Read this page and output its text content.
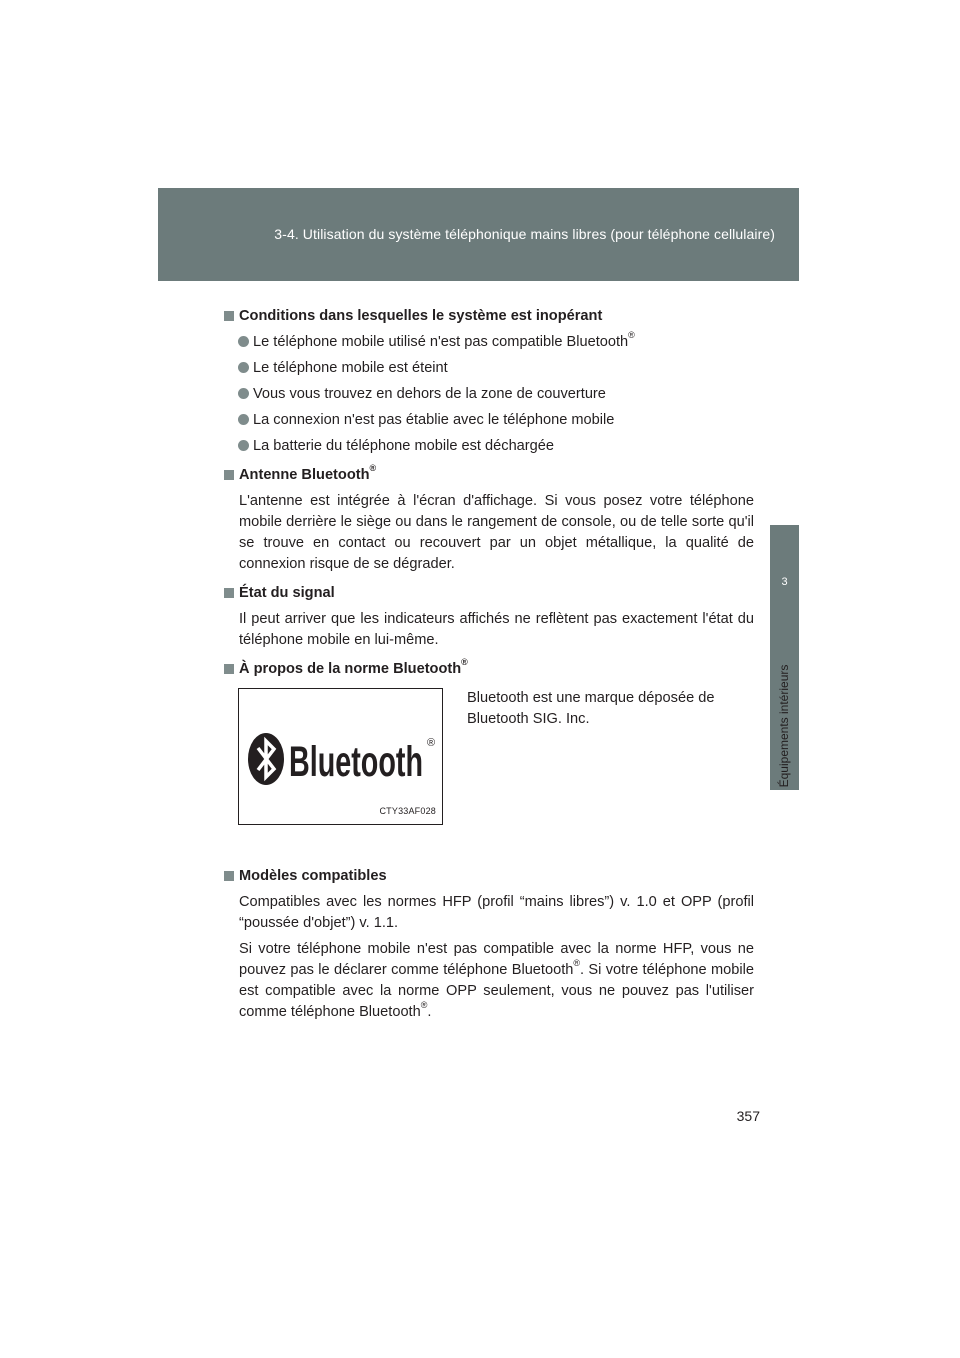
3-4. Utilisation du système téléphonique mains libres (pour téléphone cellulaire)
3
Équipements intérieurs
Conditions dans lesquelles le système est inopérant
Le téléphone mobile utilisé n'est pas compatible Bluetooth®
Le téléphone mobile est éteint
Vous vous trouvez en dehors de la zone de couverture
La connexion n'est pas établie avec le téléphone mobile
La batterie du téléphone mobile est déchargée
Antenne Bluetooth®
L'antenne est intégrée à l'écran d'affichage. Si vous posez votre téléphone mobile derrière le siège ou dans le rangement de console, ou de telle sorte qu'il se trouve en contact ou recouvert par un objet métallique, la qualité de connexion risque de se dégrader.
État du signal
Il peut arriver que les indicateurs affichés ne reflètent pas exactement l'état du téléphone mobile en lui-même.
À propos de la norme Bluetooth®
Bluetooth ®
CTY33AF028
Bluetooth est une marque déposée de Bluetooth SIG. Inc.
Modèles compatibles
Compatibles avec les normes HFP (profil “mains libres”) v. 1.0 et OPP (profil “poussée d'objet”) v. 1.1.
Si votre téléphone mobile n'est pas compatible avec la norme HFP, vous ne pouvez pas le déclarer comme téléphone Bluetooth®. Si votre téléphone mobile est compatible avec la norme OPP seulement, vous ne pouvez pas l'utiliser comme téléphone Bluetooth®.
357
